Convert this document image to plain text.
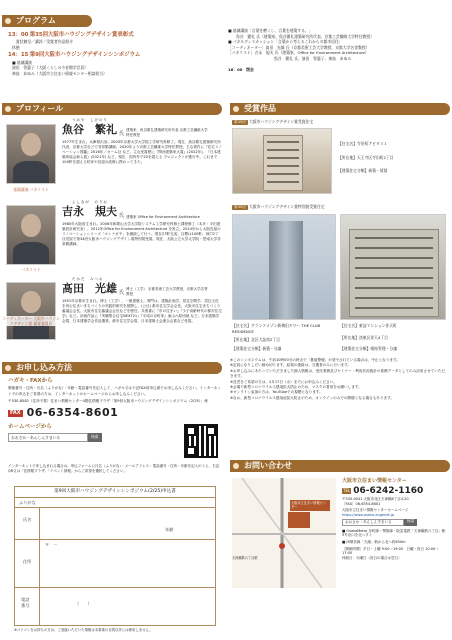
プログラム
13：00 第35回大阪市ハウジングデザイン賞表彰式
賞状贈呈／講評／受賞者作品紹介
休憩
14：15 第9回大阪市ハウジングデザインシンポジウム
■ 基調講演
演田　智惠子（大阪くらしの今昔館学芸員）
神鳥　あゆみ（大阪市立住まい情報センター相談担当）
■ 基調講演「言葉を磨くし、言葉を建築する。」
角谷　繁礼 氏（建築家、魚谷繁礼建築研究所代表、京都工芸繊維大学特任教授）
■ パネルディスカッション「言葉から考えるこれからの都市居住」
［コーディネーター］髙田　光雄 氏（京都美術工芸大学教授、京都大学名誉教授）
［パネリスト］吉永　規夫 氏（建築家、Office for Environment Architecture）
魚谷　繁礼 氏、演田　智惠子、神鳥　あゆみ
16：00　閉会
プロフィール
基調講演 パネリスト
うおや　しげのり
魚谷　繁礼 氏
建築家、魚谷繁礼建築研究所代表 京都工芸繊維大学特任教授
1977年生まれ。兵庫県出身。2003年京都大学大学院工学研究科修了。現在、魚谷繁礼建築研究所代表、京都大学などで非常勤講師。2020年より京都工芸繊維大学特任教授。主な著作に『住宅リノベーション図鑑』2016年／オーム社 など。主な受賞歴に『関西建築家大賞』(2022年)、『日本建築家協会新人賞』(2021年) など。現在、国内外で20を超える プロジェクトが進行中。これまで100軒を超える町家や長屋の改修に携わってきた。
パネリスト
よしなが　のりお
吉永　規夫 氏 建築家 Office for Environment Architecture
1980年大阪府生まれ。2006年和歌山大学大学院システム工学研究科修士課程修了（本多・平田建築設計研究室）。2012年Office for Environment Architecture を設立。2014年から大阪長屋のリノベーションシリーズ「ヨシナガヤ」を継続して行う。現在27軒完成。目標は100軒。神戸2丁目長屋で第34回大阪市ハウジングデザイン賞特別賞受賞。現在、大阪公立大学大学院・摂南大学非常勤講師。
コーディネーター 大阪市ハウジングデザイン賞 審査委員長
たかだ　みつお
髙田　光雄 氏
博士（工学） 京都美術工芸大学教授、京都大学名誉教授
1951年京都市生まれ。博士（工学）、一級建築士。専門は、建築計画学、居住空間学、居住文化を育む住まいまちづくりの実践的研究を展開し、(公社) 都市住宅学会会長、大阪市住宅まちづくり審議会会長、大阪市住宅審議会会長などを歴任。共著書に『市の住まい』『少子高齢時代の都市住宅学』など。計画作品に『実験集合住宅NEXT21』『平成の京町家』東山六原団地 など。日本建築学会賞、日本建築学会作品選奨、都市住宅学会賞、日本建築士会連合会賞など受賞。
受賞作品
第35回 大阪市ハウジングデザイン賞受賞住宅
【住宅名】寺田町アビタス１
【所在地】天王寺区寺田町2丁目
【建築住宅分類】新築・賃貸
第35回 大阪市ハウジングデザイン賞特別賞受賞住宅
【住宅名】グランドメゾン新梅田タワー THE CLUB RESIDENCE
【所在地】北区大淀南2丁目
【建築住宅分類】新築・分譲
【住宅名】東淀マンション伴天町
【所在地】淡東区伴天4丁目
【建築住宅分類】維持管理・分譲
お申し込み方法
ハガキ・FAXから
郵便番号・住所・氏名（ふりがな）・年齢・電話番号を記入して、ハガキ又は下記FAX用申込書でお申し込みください。インターネットでの申込をご希望の方は、インターネットのホームページからお申し込みください。
〒530-8582（住所不要）住まい情報センター4階住情報プラザ「第9回大阪市ハウジングデザインシンポジウム（2/25）」係
FAX 06-6354-8601
ホームページから
おおさか・あんしんすまいる	検索
インターネットで申し込まれる場合は、申込フォームに氏名（ふりがな）・メールアドレス・電話番号・住所・年齢を記入のうえ、右記QR又は「住情報プラザ」「イベント情報」からご希望を選択してください。
第9回大阪市ハウジングデザインシンポジウム(2/25)申込書
ふりがな
氏名
年齢
〒　－
住所
電話番号	（　　）
※パソコンをお持ちの方は、ご登録いただいた情報は本事業の目的以外には使用しません。
※このシンポジウムは、午前10時00分の時点で「暴風警報」が発令されている場合は、中止となります。
※定員になりしだい締め切ります。結果の連絡は、当選者のみに行います。
※お申し込みにあたっていただきました個人情報は、受付業務及びセミナー・利用状況統計の基礎データとしてのみ活用させていただきます。
※託児をご希望の方は、2月17日（水）までにお申込みください。
※会場で新型コロナウイルス感染拡大防止のため、マスクの着用をお願いします。
※オンライン参加の方は、YouTubeでの視聴となります。
※なお、新型コロナウイルス感染症拡大防止のため、オンラインのみでの開催となる場合もあります。
お問い合わせ
大阪市立住まい情報センター
天神橋筋六丁目駅
大阪市立住まい情報センター
TEL 06-6242-1160
〒530-0041 大阪市北区天神橋6丁目4-20
［FAX］06-6354-8601
大阪市立住まい情報センターホームページ
https://www.osaka-angenet.jp
おおさか・あんしんすまいる	検索
■ OsakaMetro 谷町線・堺筋線・阪急電鉄「天神橋筋六丁目」駅3号出口を北へすぐ
■ JR環状線「天満」駅から北へ約650m
［開館時間］平日・土曜 9:00〜19:00　日曜・祝日 10:00〜17:00
休館日：火曜日（祝日の場合は翌日）
